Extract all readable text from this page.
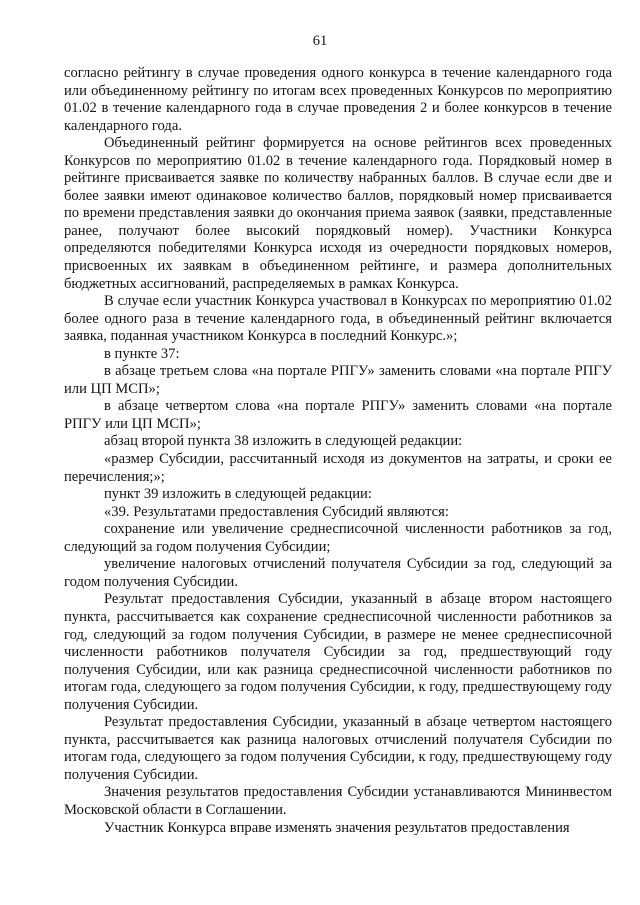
61

согласно рейтингу в случае проведения одного конкурса в течение календарного года или объединенному рейтингу по итогам всех проведенных Конкурсов по мероприятию 01.02 в течение календарного года в случае проведения 2 и более конкурсов в течение календарного года.

Объединенный рейтинг формируется на основе рейтингов всех проведенных Конкурсов по мероприятию 01.02 в течение календарного года. Порядковый номер в рейтинге присваивается заявке по количеству набранных баллов. В случае если две и более заявки имеют одинаковое количество баллов, порядковый номер присваивается по времени представления заявки до окончания приема заявок (заявки, представленные ранее, получают более высокий порядковый номер). Участники Конкурса определяются победителями Конкурса исходя из очередности порядковых номеров, присвоенных их заявкам в объединенном рейтинге, и размера дополнительных бюджетных ассигнований, распределяемых в рамках Конкурса.

В случае если участник Конкурса участвовал в Конкурсах по мероприятию 01.02 более одного раза в течение календарного года, в объединенный рейтинг включается заявка, поданная участником Конкурса в последний Конкурс.»;

в пункте 37:

в абзаце третьем слова «на портале РПГУ» заменить словами «на портале РПГУ или ЦП МСП»;

в абзаце четвертом слова «на портале РПГУ» заменить словами «на портале РПГУ или ЦП МСП»;

абзац второй пункта 38 изложить в следующей редакции:

«размер Субсидии, рассчитанный исходя из документов на затраты, и сроки ее перечисления;»;

пункт 39 изложить в следующей редакции:

«39. Результатами предоставления Субсидий являются:

сохранение или увеличение среднесписочной численности работников за год, следующий за годом получения Субсидии;

увеличение налоговых отчислений получателя Субсидии за год, следующий за годом получения Субсидии.

Результат предоставления Субсидии, указанный в абзаце втором настоящего пункта, рассчитывается как сохранение среднесписочной численности работников за год, следующий за годом получения Субсидии, в размере не менее среднесписочной численности работников получателя Субсидии за год, предшествующий году получения Субсидии, или как разница среднесписочной численности работников по итогам года, следующего за годом получения Субсидии, к году, предшествующему году получения Субсидии.

Результат предоставления Субсидии, указанный в абзаце четвертом настоящего пункта, рассчитывается как разница налоговых отчислений получателя Субсидии по итогам года, следующего за годом получения Субсидии, к году, предшествующему году получения Субсидии.

Значения результатов предоставления Субсидии устанавливаются Мининвестом Московской области в Соглашении.

Участник Конкурса вправе изменять значения результатов предоставления
